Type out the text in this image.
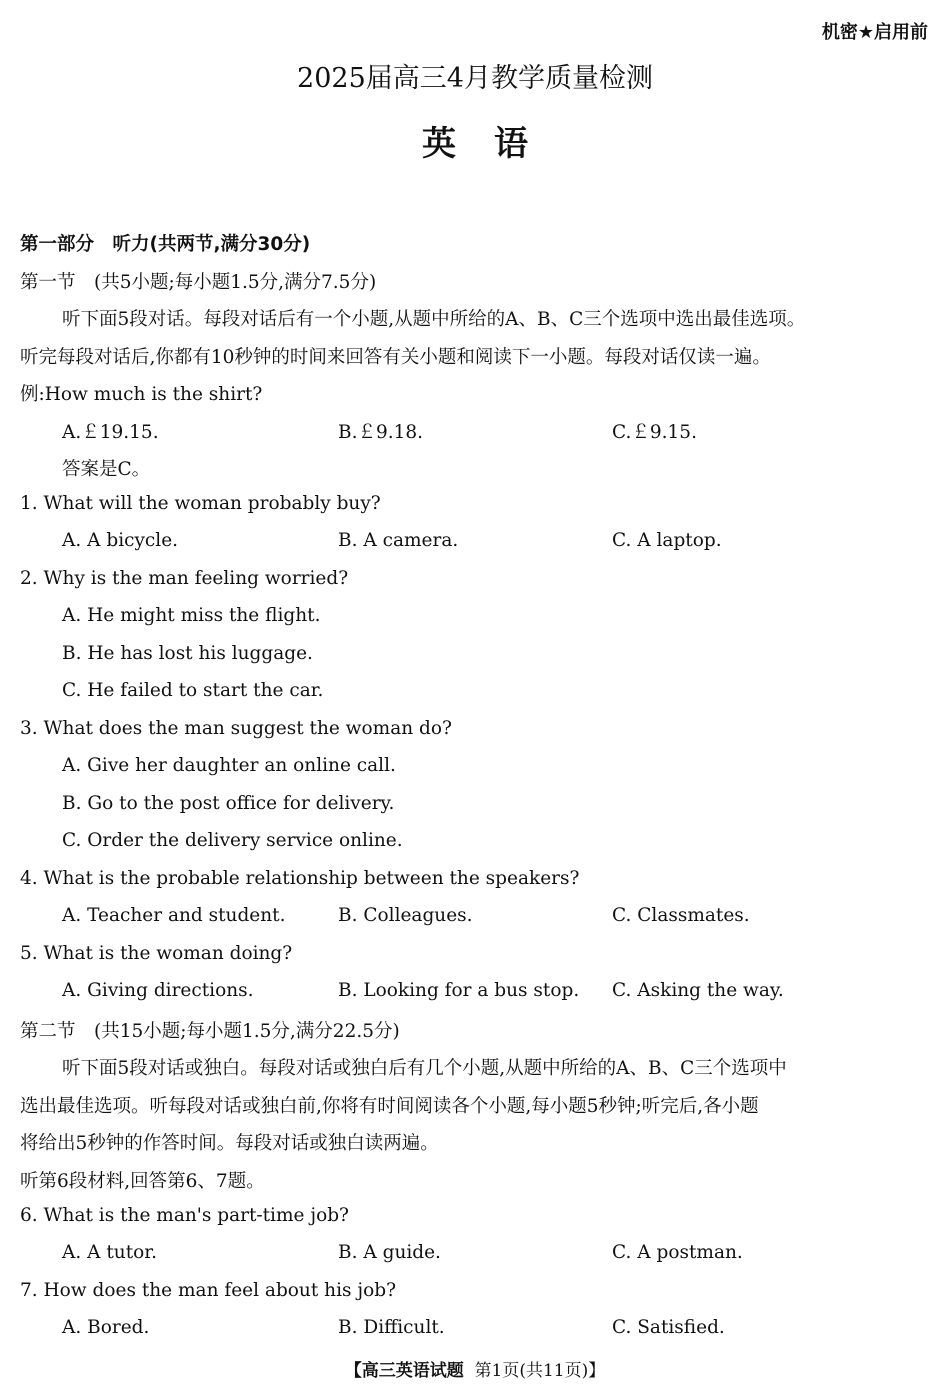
机密★启用前
2025届高三4月教学质量检测
英语
第一部分　听力(共两节,满分30分)
第一节　(共5小题;每小题1.5分,满分7.5分)
听下面5段对话。每段对话后有一个小题,从题中所给的A、B、C三个选项中选出最佳选项。
听完每段对话后,你都有10秒钟的时间来回答有关小题和阅读下一小题。每段对话仅读一遍。
例:How much is the shirt?
A.￡19.15.	B.￡9.18.	C.￡9.15.
答案是C。
1. What will the woman probably buy?
A. A bicycle.	B. A camera.	C. A laptop.
2. Why is the man feeling worried?
A. He might miss the flight.
B. He has lost his luggage.
C. He failed to start the car.
3. What does the man suggest the woman do?
A. Give her daughter an online call.
B. Go to the post office for delivery.
C. Order the delivery service online.
4. What is the probable relationship between the speakers?
A. Teacher and student.	B. Colleagues.	C. Classmates.
5. What is the woman doing?
A. Giving directions.	B. Looking for a bus stop. C. Asking the way.
第二节　(共15小题;每小题1.5分,满分22.5分)
听下面5段对话或独白。每段对话或独白后有几个小题,从题中所给的A、B、C三个选项中
选出最佳选项。听每段对话或独白前,你将有时间阅读各个小题,每小题5秒钟;听完后,各小题
将给出5秒钟的作答时间。每段对话或独白读两遍。
听第6段材料,回答第6、7题。
6. What is the man's part-time job?
A. A tutor.	B. A guide.	C. A postman.
7. How does the man feel about his job?
A. Bored.	B. Difficult.	C. Satisfied.
【高三英语试题 第1页(共11页)】
